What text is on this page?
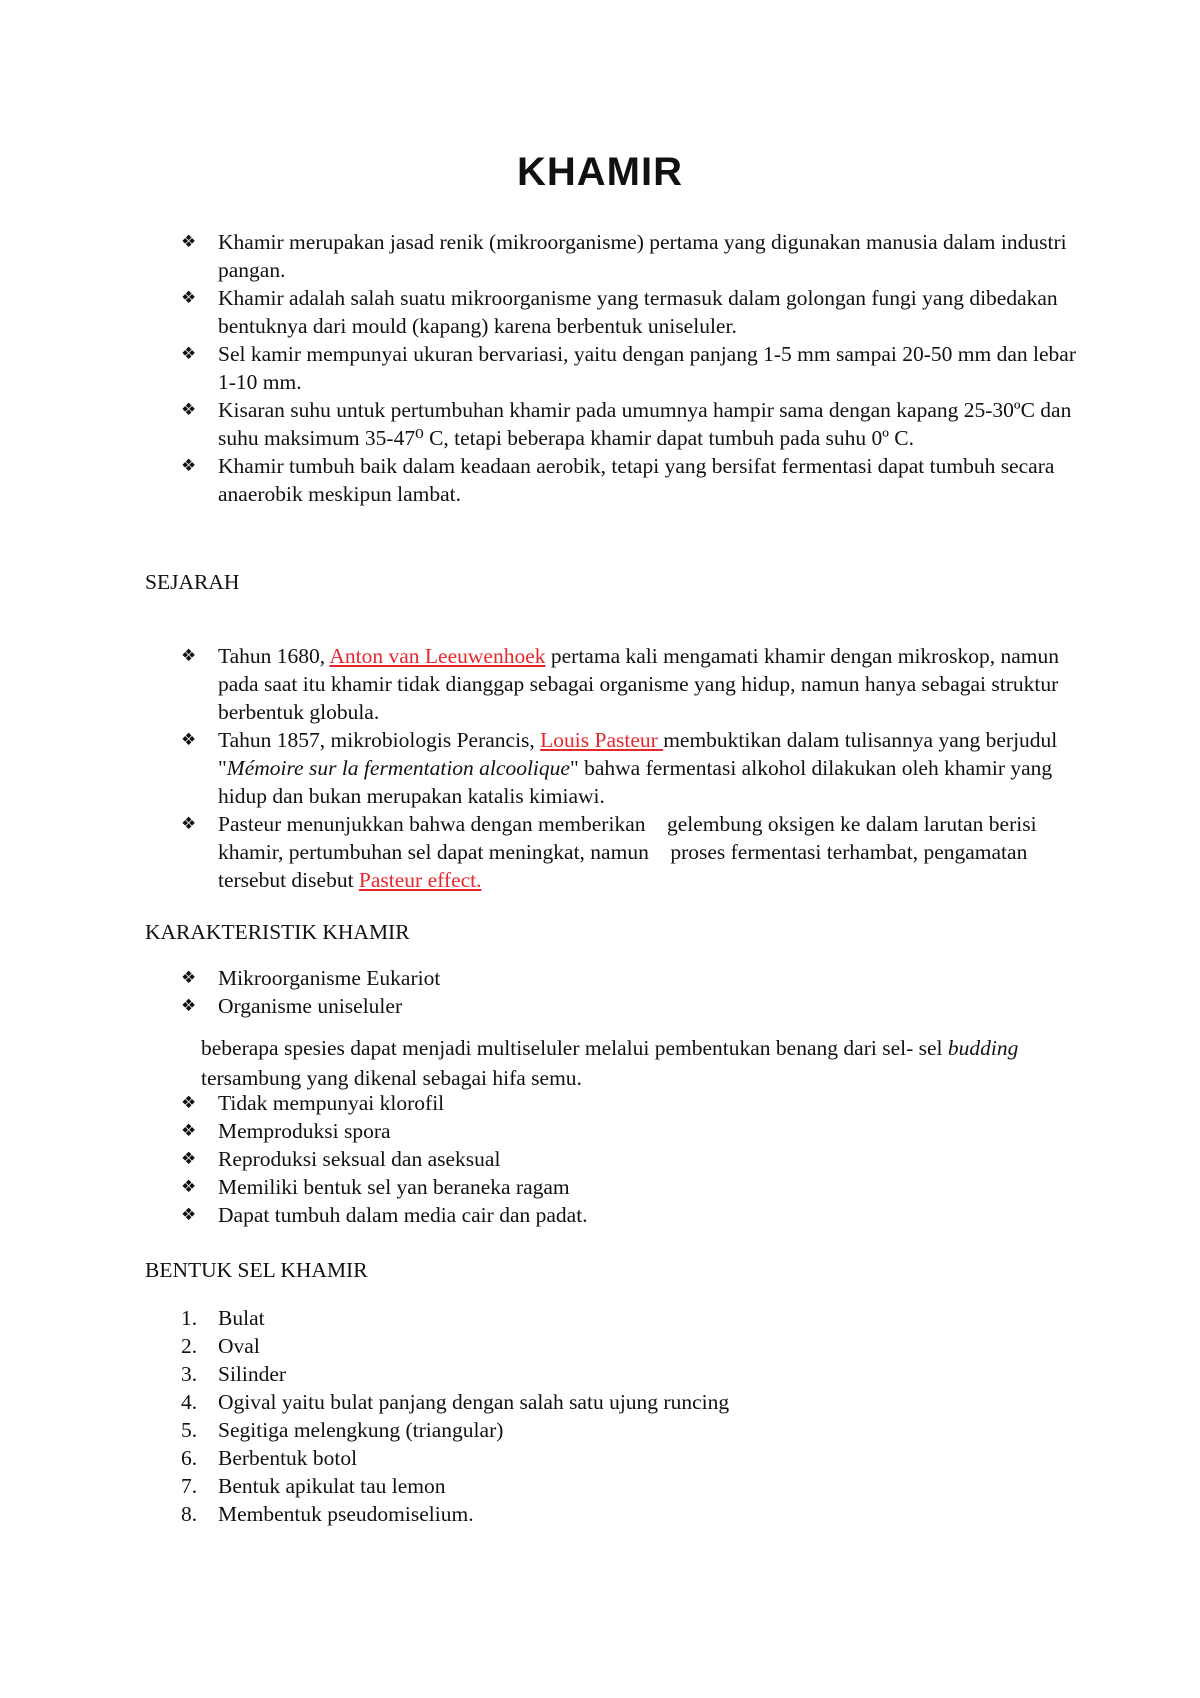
KHAMIR
❖ Khamir merupakan jasad renik (mikroorganisme) pertama yang digunakan manusia dalam industri pangan.
❖ Khamir adalah salah suatu mikroorganisme yang termasuk dalam golongan fungi yang dibedakan bentuknya dari mould (kapang) karena berbentuk uniseluler.
❖ Sel kamir mempunyai ukuran bervariasi, yaitu dengan panjang 1-5 mm sampai 20-50 mm dan lebar 1-10 mm.
❖ Kisaran suhu untuk pertumbuhan khamir pada umumnya hampir sama dengan kapang 25-30ºC dan suhu maksimum 35-47⁰ C, tetapi beberapa khamir dapat tumbuh pada suhu 0º C.
❖ Khamir tumbuh baik dalam keadaan aerobik, tetapi yang bersifat fermentasi dapat tumbuh secara anaerobik meskipun lambat.
SEJARAH
❖ Tahun 1680, Anton van Leeuwenhoek pertama kali mengamati khamir dengan mikroskop, namun pada saat itu khamir tidak dianggap sebagai organisme yang hidup, namun hanya sebagai struktur berbentuk globula.
❖ Tahun 1857, mikrobiologis Perancis, Louis Pasteur membuktikan dalam tulisannya yang berjudul "Mémoire sur la fermentation alcoolique" bahwa fermentasi alkohol dilakukan oleh khamir yang hidup dan bukan merupakan katalis kimiawi.
❖ Pasteur menunjukkan bahwa dengan memberikan    gelembung oksigen ke dalam larutan berisi   khamir, pertumbuhan sel dapat meningkat, namun    proses fermentasi terhambat, pengamatan tersebut disebut Pasteur effect.
KARAKTERISTIK KHAMIR
❖ Mikroorganisme Eukariot
❖ Organisme uniseluler
beberapa spesies dapat menjadi multiseluler melalui pembentukan benang dari sel- sel budding tersambung yang dikenal sebagai hifa semu.
❖ Tidak mempunyai klorofil
❖ Memproduksi spora
❖ Reproduksi seksual dan aseksual
❖ Memiliki bentuk sel yan beraneka ragam
❖ Dapat tumbuh dalam media cair dan padat.
BENTUK SEL KHAMIR
1. Bulat
2. Oval
3. Silinder
4. Ogival yaitu bulat panjang dengan salah satu ujung runcing
5. Segitiga melengkung (triangular)
6. Berbentuk botol
7. Bentuk apikulat tau lemon
8. Membentuk pseudomiselium.
